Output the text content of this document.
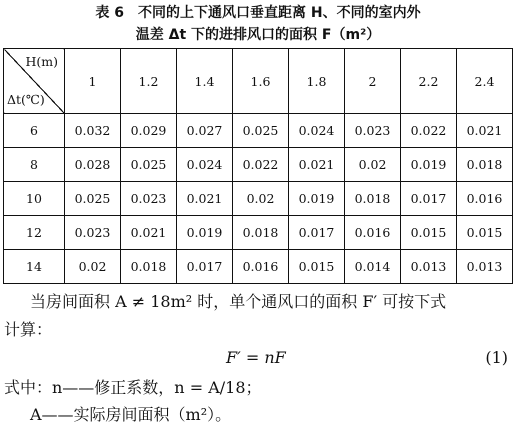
表 6　不同的上下通风口垂直距离 H、不同的室内外
温差 Δt 下的进排风口的面积 F（m²）
H(m)
Δt(℃)	1	1.2	1.4	1.6	1.8	2	2.2	2.4
6	0.032	0.029	0.027	0.025	0.024	0.023	0.022	0.021
8	0.028	0.025	0.024	0.022	0.021	0.02	0.019	0.018
10	0.025	0.023	0.021	0.02	0.019	0.018	0.017	0.016
12	0.023	0.021	0.019	0.018	0.017	0.016	0.015	0.015
14	0.02	0.018	0.017	0.016	0.015	0.014	0.013	0.013
当房间面积 A ≠ 18m² 时，单个通风口的面积 F′ 可按下式
计算：
F′ = nF	(1)
式中：n——修正系数，n = A/18；
A——实际房间面积（m²）。
